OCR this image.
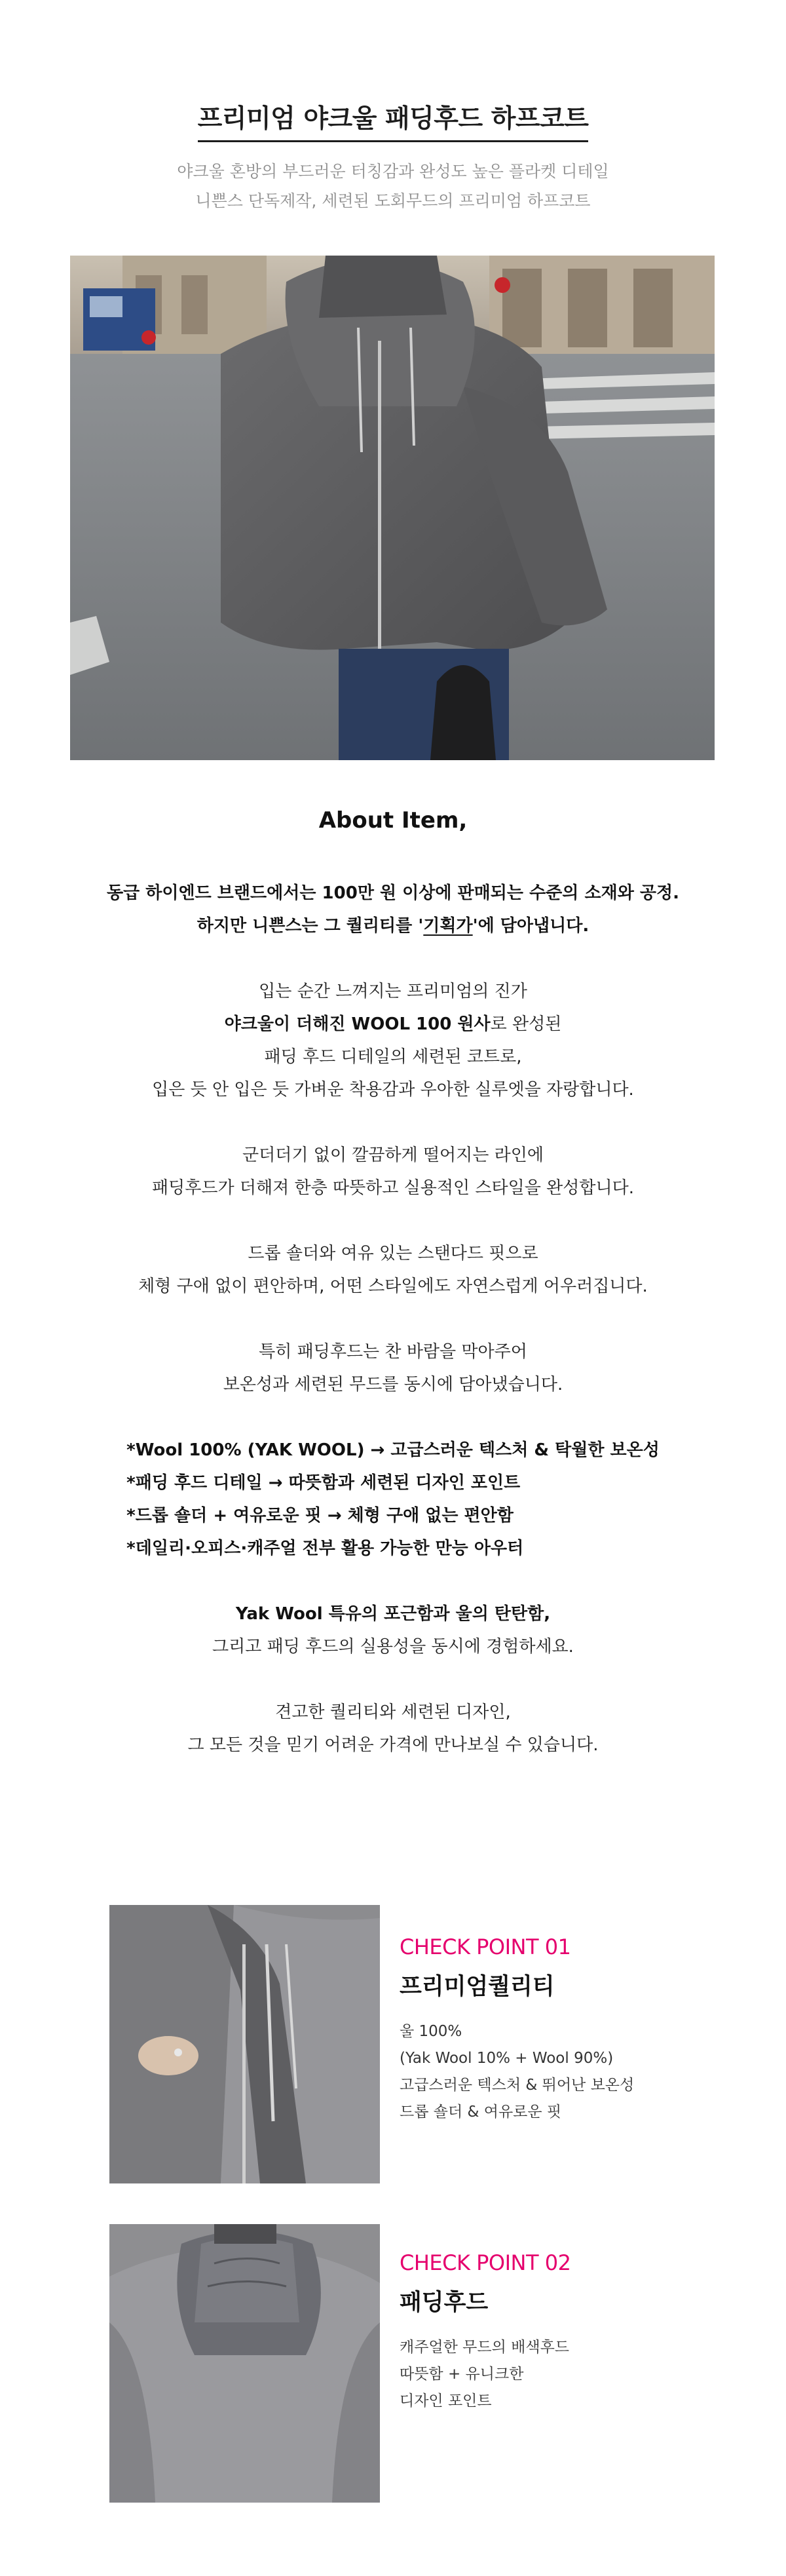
프리미엄 야크울 패딩후드 하프코트
야크울 혼방의 부드러운 터칭감과 완성도 높은 플라켓 디테일
니쁜스 단독제작, 세련된 도회무드의 프리미엄 하프코트
About Item,

동급 하이엔드 브랜드에서는 100만 원 이상에 판매되는 수준의 소재와 공정.
하지만 니쁜스는 그 퀄리티를 '기획가'에 담아냅니다.

입는 순간 느껴지는 프리미엄의 진가
야크울이 더해진 WOOL 100 원사로 완성된
패딩 후드 디테일의 세련된 코트로,
입은 듯 안 입은 듯 가벼운 착용감과 우아한 실루엣을 자랑합니다.

군더더기 없이 깔끔하게 떨어지는 라인에
패딩후드가 더해져 한층 따뜻하고 실용적인 스타일을 완성합니다.

드롭 숄더와 여유 있는 스탠다드 핏으로
체형 구애 없이 편안하며, 어떤 스타일에도 자연스럽게 어우러집니다.

특히 패딩후드는 찬 바람을 막아주어
보온성과 세련된 무드를 동시에 담아냈습니다.

*Wool 100% (YAK WOOL) → 고급스러운 텍스처 & 탁월한 보온성
*패딩 후드 디테일 → 따뜻함과 세련된 디자인 포인트
*드롭 숄더 + 여유로운 핏 → 체형 구애 없는 편안함
*데일리·오피스·캐주얼 전부 활용 가능한 만능 아우터

Yak Wool 특유의 포근함과 울의 탄탄함,
그리고 패딩 후드의 실용성을 동시에 경험하세요.

견고한 퀄리티와 세련된 디자인,
그 모든 것을 믿기 어려운 가격에 만나보실 수 있습니다.

CHECK POINT 01
프리미엄퀄리티
울 100%
(Yak Wool 10% + Wool 90%)
고급스러운 텍스처 & 뛰어난 보온성
드롭 숄더 & 여유로운 핏
CHECK POINT 02
패딩후드
캐주얼한 무드의 배색후드
따뜻함 + 유니크한
디자인 포인트
